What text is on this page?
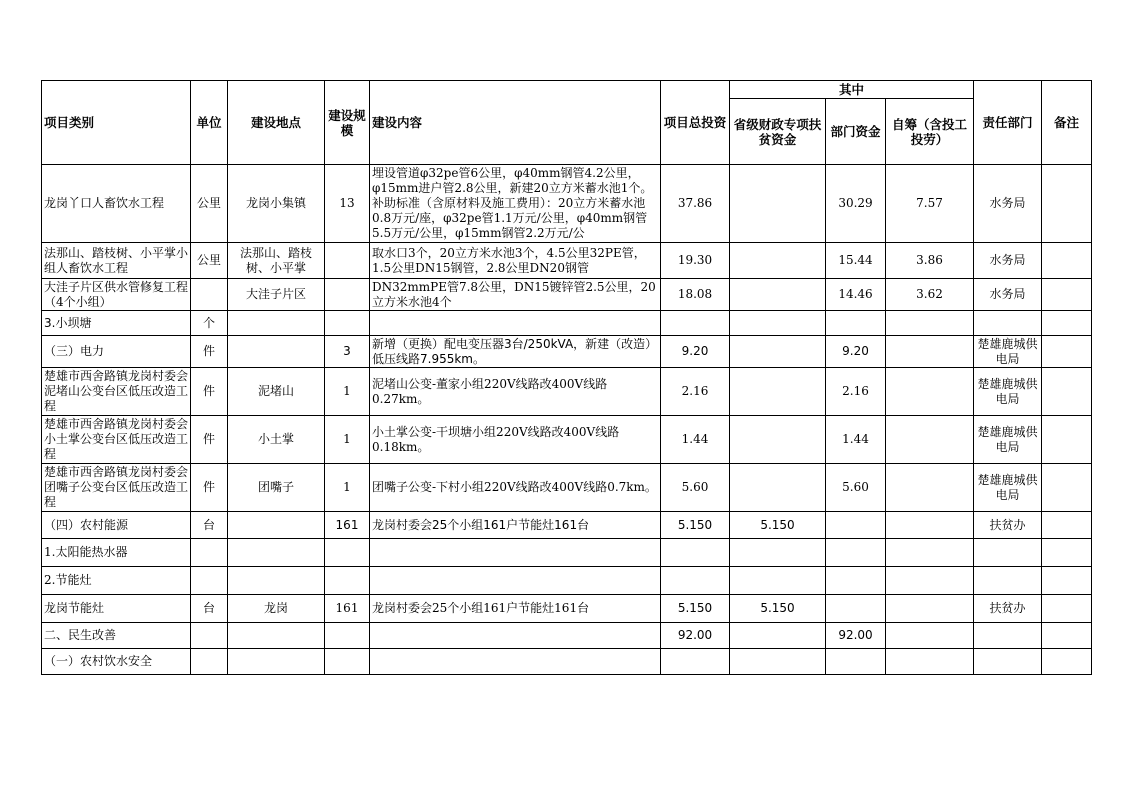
项目类别	单位	建设地点	建设规模	建设内容	项目总投资	其中			责任部门	备注
						省级财政专项扶贫资金	部门资金	自筹（含投工投劳）		

龙岗丫口人畜饮水工程	公里	龙岗小集镇	13	埋设管道φ32pe管6公里，φ40mm钢管4.2公里，φ15mm进户管2.8公里，新建20立方米蓄水池1个。补助标准（含原材料及施工费用）：20立方米蓄水池0.8万元/座，φ32pe管1.1万元/公里，φ40mm钢管5.5万元/公里，φ15mm钢管2.2万元/公	37.86		30.29	7.57	水务局	

法那山、踏枝树、小平掌小组人畜饮水工程	公里	法那山、踏枝树、小平掌		取水口3个，20立方米水池3个，4.5公里32PE管，1.5公里DN15钢管，2.8公里DN20钢管	19.30		15.44	3.86	水务局	

大洼子片区供水管修复工程（4个小组）		大洼子片区		DN32mmPE管7.8公里，DN15镀锌管2.5公里，20立方米水池4个	18.08		14.46	3.62	水务局	

3.小坝塘	个									

（三）电力	件		3	新增（更换）配电变压器3台/250kVA，新建（改造）低压线路7.955km。	9.20		9.20		楚雄鹿城供电局	

楚雄市西舍路镇龙岗村委会泥堵山公变台区低压改造工程	件	泥堵山	1	泥堵山公变-董家小组220V线路改400V线路0.27km。	2.16		2.16		楚雄鹿城供电局	

楚雄市西舍路镇龙岗村委会小土掌公变台区低压改造工程	件	小土掌	1	小土掌公变-干坝塘小组220V线路改400V线路0.18km。	1.44		1.44		楚雄鹿城供电局	

楚雄市西舍路镇龙岗村委会团嘴子公变台区低压改造工程	件	团嘴子	1	团嘴子公变-下村小组220V线路改400V线路0.7km。	5.60		5.60		楚雄鹿城供电局	

（四）农村能源	台		161	龙岗村委会25个小组161户节能灶161台	5.150	5.150			扶贫办	

1.太阳能热水器										

2.节能灶										

龙岗节能灶	台	龙岗	161	龙岗村委会25个小组161户节能灶161台	5.150	5.150			扶贫办	

二、民生改善					92.00		92.00			

（一）农村饮水安全										
